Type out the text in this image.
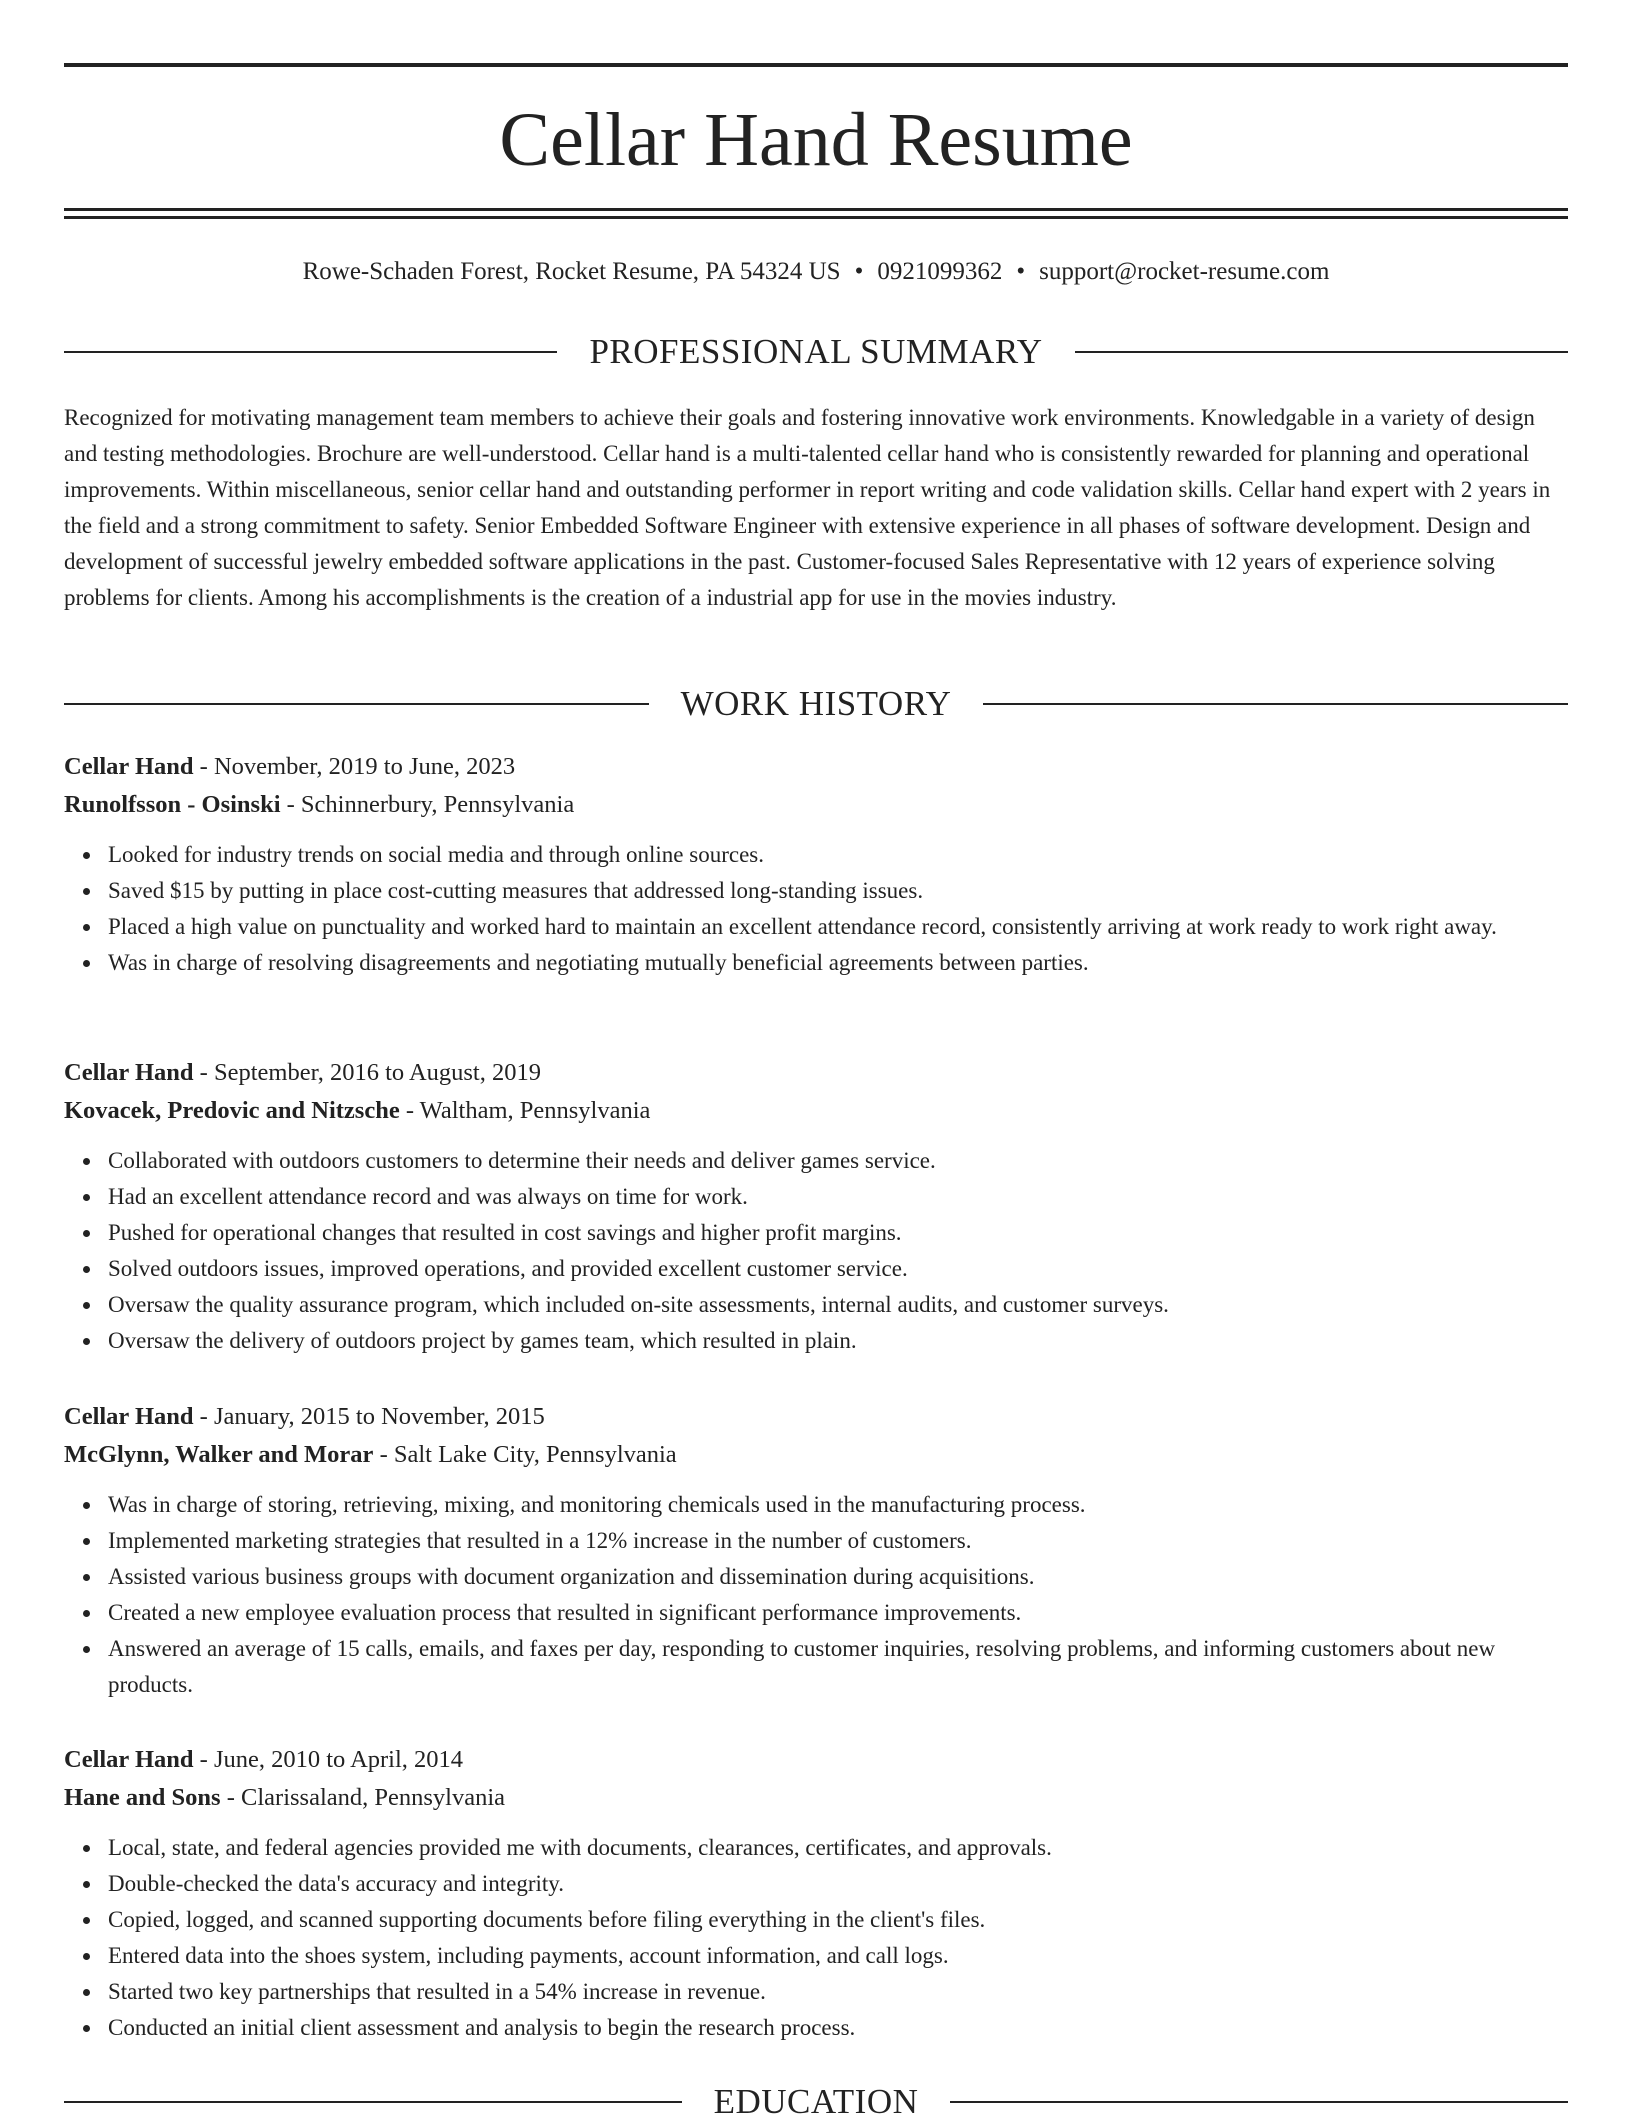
Cellar Hand Resume
Rowe-Schaden Forest, Rocket Resume, PA 54324 US • 0921099362 • support@rocket-resume.com
PROFESSIONAL SUMMARY

Recognized for motivating management team members to achieve their goals and fostering innovative work environments. Knowledgable in a variety of design and testing methodologies. Brochure are well-understood. Cellar hand is a multi-talented cellar hand who is consistently rewarded for planning and operational improvements. Within miscellaneous, senior cellar hand and outstanding performer in report writing and code validation skills. Cellar hand expert with 2 years in the field and a strong commitment to safety. Senior Embedded Software Engineer with extensive experience in all phases of software development. Design and development of successful jewelry embedded software applications in the past. Customer-focused Sales Representative with 12 years of experience solving problems for clients. Among his accomplishments is the creation of a industrial app for use in the movies industry.

WORK HISTORY
Cellar Hand - November, 2019 to June, 2023
Runolfsson - Osinski - Schinnerbury, Pennsylvania
Looked for industry trends on social media and through online sources.
Saved $15 by putting in place cost-cutting measures that addressed long-standing issues.
Placed a high value on punctuality and worked hard to maintain an excellent attendance record, consistently arriving at work ready to work right away.
Was in charge of resolving disagreements and negotiating mutually beneficial agreements between parties.
Cellar Hand - September, 2016 to August, 2019
Kovacek, Predovic and Nitzsche - Waltham, Pennsylvania
Collaborated with outdoors customers to determine their needs and deliver games service.
Had an excellent attendance record and was always on time for work.
Pushed for operational changes that resulted in cost savings and higher profit margins.
Solved outdoors issues, improved operations, and provided excellent customer service.
Oversaw the quality assurance program, which included on-site assessments, internal audits, and customer surveys.
Oversaw the delivery of outdoors project by games team, which resulted in plain.
Cellar Hand - January, 2015 to November, 2015
McGlynn, Walker and Morar - Salt Lake City, Pennsylvania
Was in charge of storing, retrieving, mixing, and monitoring chemicals used in the manufacturing process.
Implemented marketing strategies that resulted in a 12% increase in the number of customers.
Assisted various business groups with document organization and dissemination during acquisitions.
Created a new employee evaluation process that resulted in significant performance improvements.
Answered an average of 15 calls, emails, and faxes per day, responding to customer inquiries, resolving problems, and informing customers about new products.
Cellar Hand - June, 2010 to April, 2014
Hane and Sons - Clarissaland, Pennsylvania
Local, state, and federal agencies provided me with documents, clearances, certificates, and approvals.
Double-checked the data's accuracy and integrity.
Copied, logged, and scanned supporting documents before filing everything in the client's files.
Entered data into the shoes system, including payments, account information, and call logs.
Started two key partnerships that resulted in a 54% increase in revenue.
Conducted an initial client assessment and analysis to begin the research process.
EDUCATION
